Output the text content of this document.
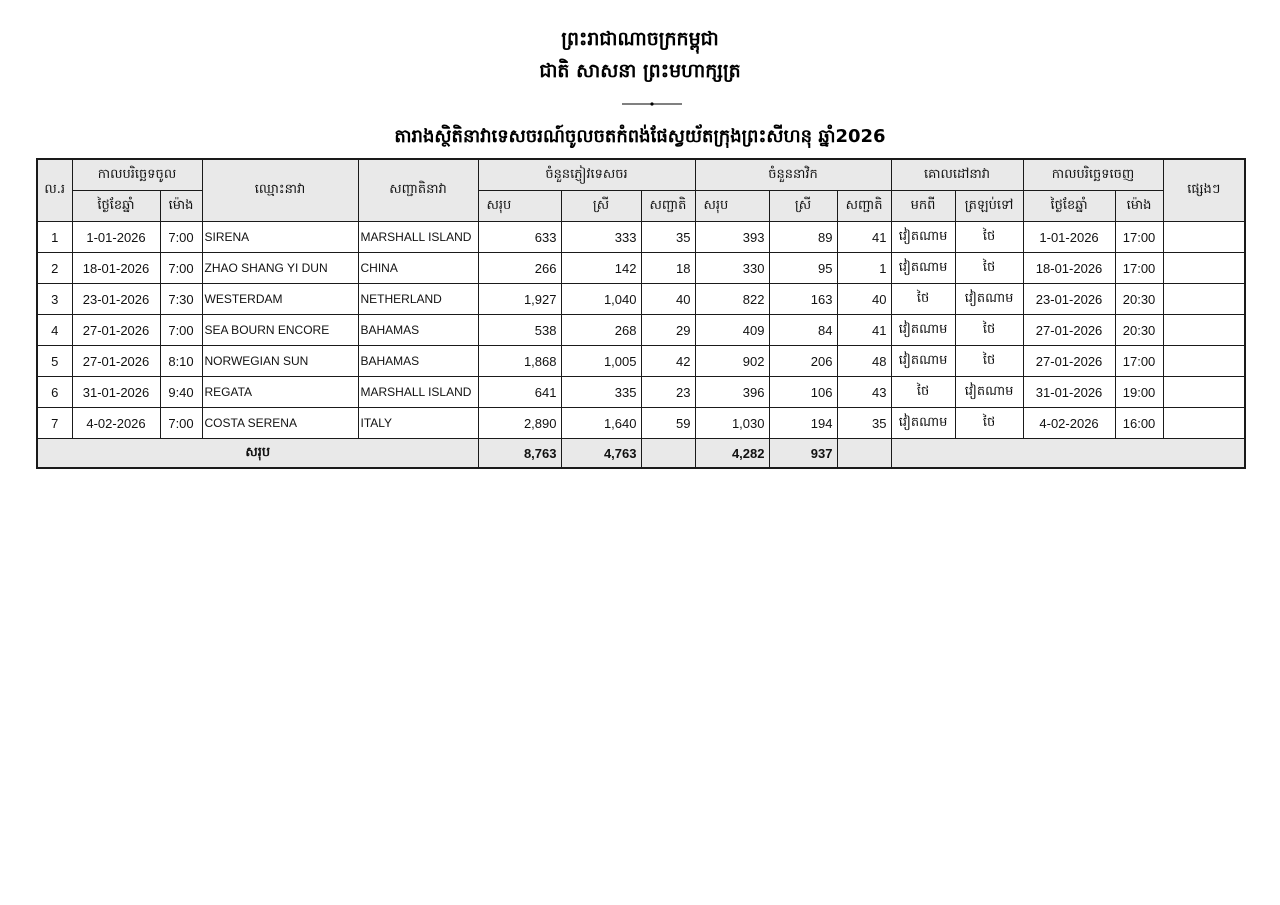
ព្រះរាជាណាចក្រកម្ពុជា
ជាតិ សាសនា ព្រះមហាក្សត្រ
តារាងស្ថិតិនាវាទេសចរណ៍ចូលចតកំពង់ផែស្វយ័តក្រុងព្រះសីហនុ ឆ្នាំ2026
ល.រ	កាលបរិច្ឆេទចូល		ឈ្មោះនាវា	សញ្ជាតិនាវា	ចំនួនភ្ញៀវទេសចរ			ចំនួននាវិក			គោលដៅនាវា		កាលបរិច្ឆេទចេញ		ផ្សេងៗ
	ថ្ងៃខែឆ្នាំ	ម៉ោង			សរុប	ស្រី	សញ្ជាតិ	សរុប	ស្រី	សញ្ជាតិ	មកពី	ត្រឡប់ទៅ	ថ្ងៃខែឆ្នាំ	ម៉ោង	
1	1-01-2026	7:00	SIRENA	MARSHALL ISLAND	633	333	35	393	89	41	វៀតណាម	ថៃ	1-01-2026	17:00	
2	18-01-2026	7:00	ZHAO SHANG YI DUN	CHINA	266	142	18	330	95	1	វៀតណាម	ថៃ	18-01-2026	17:00	
3	23-01-2026	7:30	WESTERDAM	NETHERLAND	1,927	1,040	40	822	163	40	ថៃ	វៀតណាម	23-01-2026	20:30	
4	27-01-2026	7:00	SEA BOURN ENCORE	BAHAMAS	538	268	29	409	84	41	វៀតណាម	ថៃ	27-01-2026	20:30	
5	27-01-2026	8:10	NORWEGIAN SUN	BAHAMAS	1,868	1,005	42	902	206	48	វៀតណាម	ថៃ	27-01-2026	17:00	
6	31-01-2026	9:40	REGATA	MARSHALL ISLAND	641	335	23	396	106	43	ថៃ	វៀតណាម	31-01-2026	19:00	
7	4-02-2026	7:00	COSTA SERENA	ITALY	2,890	1,640	59	1,030	194	35	វៀតណាម	ថៃ	4-02-2026	16:00	
សរុប					8,763	4,763		4,282	937						
